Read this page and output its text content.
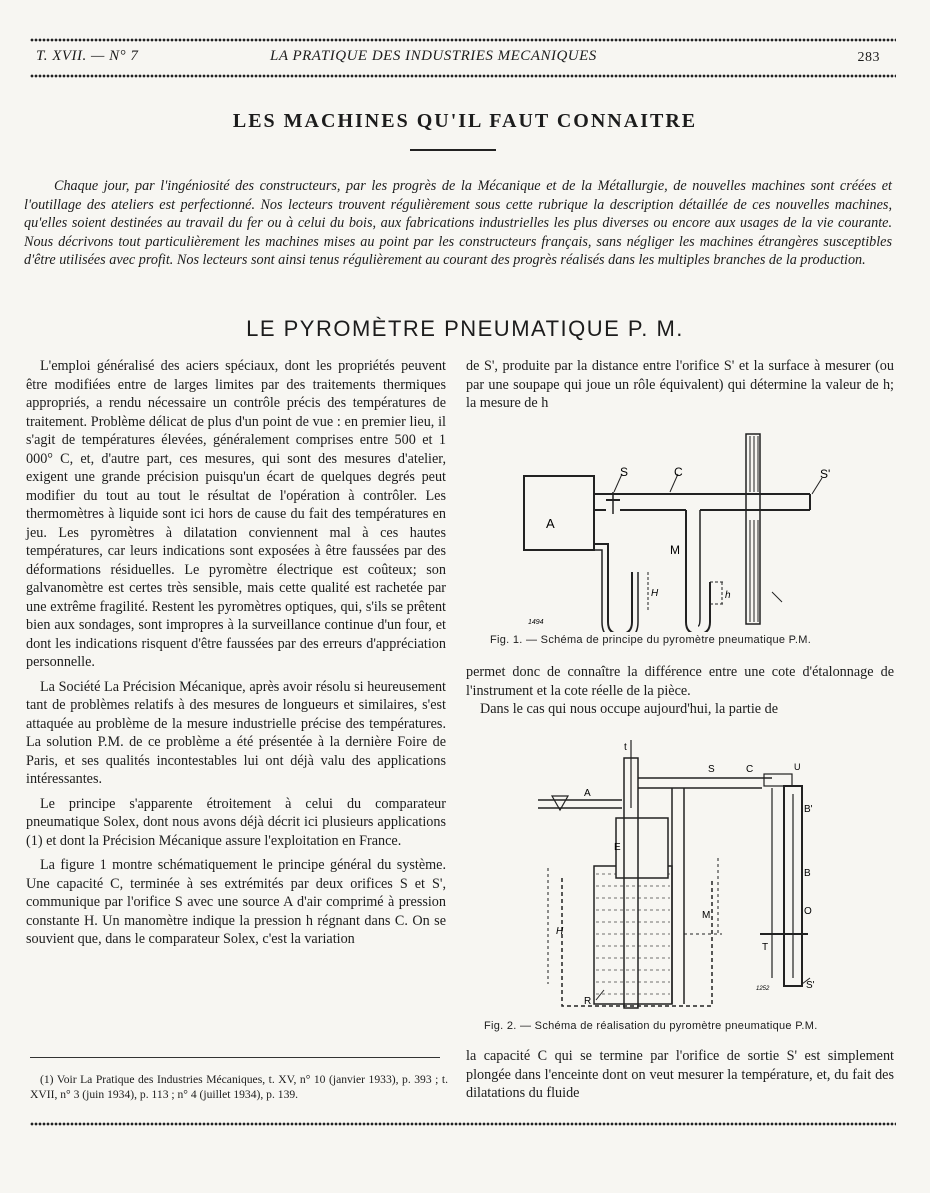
T. XVII. — N° 7	LA PRATIQUE DES INDUSTRIES MECANIQUES	283
LES MACHINES QU'IL FAUT CONNAITRE
Chaque jour, par l'ingéniosité des constructeurs, par les progrès de la Mécanique et de la Métallurgie, de nouvelles machines sont créées et l'outillage des ateliers est perfectionné. Nos lecteurs trouvent régulièrement sous cette rubrique la description détaillée de ces nouvelles machines, qu'elles soient destinées au travail du fer ou à celui du bois, aux fabrications industrielles les plus diverses ou encore aux usages de la vie courante. Nous décrivons tout particulièrement les machines mises au point par les constructeurs français, sans négliger les machines étrangères susceptibles d'être utilisées avec profit. Nos lecteurs sont ainsi tenus régulièrement au courant des progrès réalisés dans les multiples branches de la production.
LE PYROMÈTRE PNEUMATIQUE P. M.

L'emploi généralisé des aciers spéciaux, dont les propriétés peuvent être modifiées entre de larges limites par des traitements thermiques appropriés, a rendu nécessaire un contrôle précis des températures de traitement. Problème délicat de plus d'un point de vue : en premier lieu, il s'agit de températures élevées, généralement comprises entre 500 et 1 000° C, et, d'autre part, ces mesures, qui sont des mesures d'atelier, exigent une grande précision puisqu'un écart de quelques degrés peut modifier du tout au tout le résultat de l'opération à contrôler. Les thermomètres à liquide sont ici hors de cause du fait des températures en jeu. Les pyromètres à dilatation conviennent mal à ces hautes températures, car leurs indications sont exposées à être faussées par des déformations résiduelles. Le pyromètre électrique est coûteux; son galvanomètre est certes très sensible, mais cette qualité est rachetée par une extrême fragilité. Restent les pyromètres optiques, qui, s'ils se prêtent bien aux sondages, sont impropres à la surveillance continue d'un four, et dont les indications risquent d'être faussées par des erreurs d'appréciation personnelle.

La Société La Précision Mécanique, après avoir résolu si heureusement tant de problèmes relatifs à des mesures de longueurs et similaires, s'est attaquée au problème de la mesure industrielle précise des températures. La solution P.M. de ce problème a été présentée à la dernière Foire de Paris, et ses qualités incontestables lui ont déjà valu des applications intéressantes.

Le principe s'apparente étroitement à celui du comparateur pneumatique Solex, dont nous avons déjà décrit ici plusieurs applications (1) et dont la Précision Mécanique assure l'exploitation en France.

La figure 1 montre schématiquement le principe général du système. Une capacité C, terminée à ses extrémités par deux orifices S et S', communique par l'orifice S avec une source A d'air comprimé à pression constante H. Un manomètre indique la pression h régnant dans C. On se souvient que, dans le comparateur Solex, c'est la variation

de S', produite par la distance entre l'orifice S' et la surface à mesurer (ou par une soupape qui joue un rôle équivalent) qui détermine la valeur de h; la mesure de h
S	C	S'
A
M
H	h
1494
Fig. 1. — Schéma de principe du pyromètre pneumatique P.M.

permet donc de connaître la différence entre une cote d'étalonnage de l'instrument et la cote réelle de la pièce.

Dans le cas qui nous occupe aujourd'hui, la partie de

t
S	C
A
E
U
B'
B
O
M
H
T
R
S'
1252
Fig. 2. — Schéma de réalisation du pyromètre pneumatique P.M.
la capacité C qui se termine par l'orifice de sortie S' est simplement plongée dans l'enceinte dont on veut mesurer la température, et, du fait des dilatations du fluide
(1) Voir La Pratique des Industries Mécaniques, t. XV, n° 10 (janvier 1933), p. 393 ; t. XVII, n° 3 (juin 1934), p. 113 ; n° 4 (juillet 1934), p. 139.
